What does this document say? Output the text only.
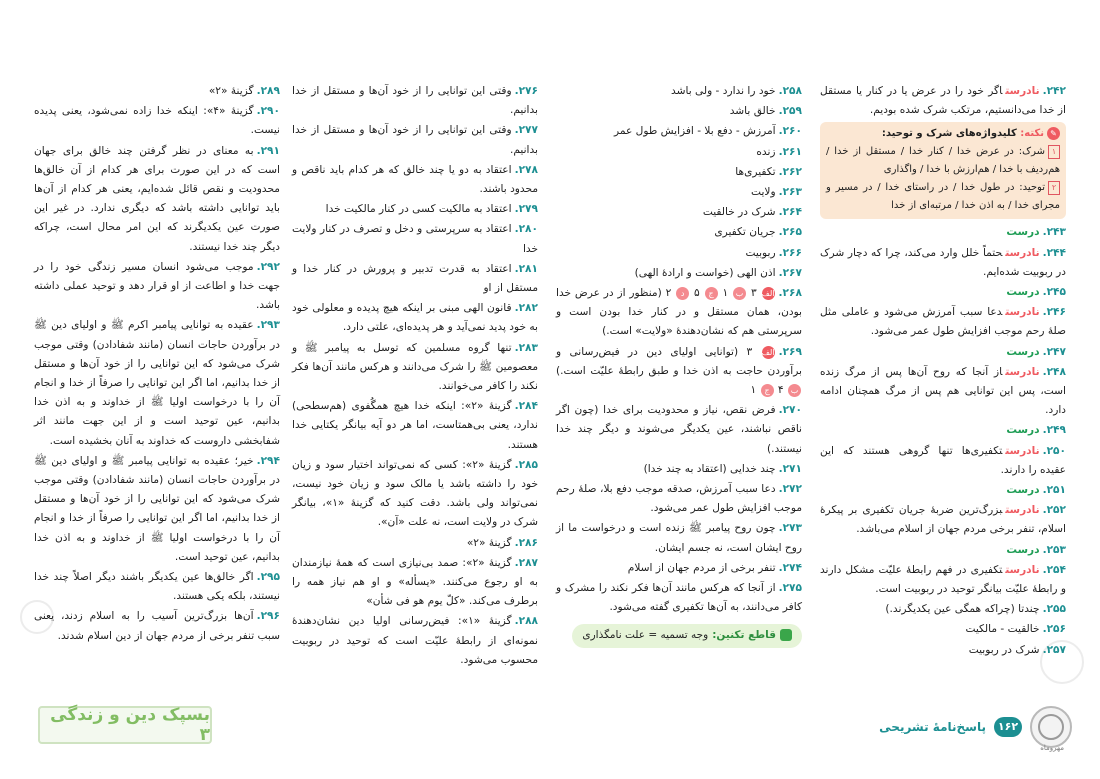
۲۴۲.نادرستاگر خود را در عرض یا در کنار یا مستقل از خدا می‌دانستیم، مرتکب شرک شده بودیم.

✎نکته: کلیدواژه‌های شرک و توحید:
۱شرک: در عرض خدا / کنار خدا / مستقل از خدا / هم‌ردیف با خدا / هم‌ارزش با خدا / واگذاری
۲توحید: در طول خدا / در راستای خدا / در مسیر و مجرای خدا / به اذن خدا / مرتبه‌ای از خدا

۲۴۳.درست

۲۴۴.نادرستحتماً خلل وارد می‌کند، چرا که دچار شرک در ربوبیت شده‌ایم.

۲۴۵.درست

۲۴۶.نادرستدعا سبب آمرزش می‌شود و عاملی مثل صلهٔ رحم موجب افزایش طول عمر می‌شود.

۲۴۷.درست

۲۴۸.نادرستاز آنجا که روح آن‌ها پس از مرگ زنده است، پس این توانایی هم پس از مرگ همچنان ادامه دارد.

۲۴۹.درست

۲۵۰.نادرستتکفیری‌ها تنها گروهی هستند که این عقیده را دارند.

۲۵۱.درست

۲۵۲.نادرستبزرگ‌ترین ضربهٔ جریان تکفیری بر پیکرهٔ اسلام، تنفر برخی مردم جهان از اسلام می‌باشد.

۲۵۳.درست

۲۵۴.نادرستتکفیری در فهم رابطهٔ علیّت مشکل دارند و رابطهٔ علیّت بیانگر توحید در ربوبیت است.

۲۵۵.چندتا (چراکه همگی عین یکدیگرند.)

۲۵۶.خالقیت - مالکیت

۲۵۷.شرک در ربوبیت

۲۵۸.خود را ندارد - ولی باشد

۲۵۹.خالق باشد

۲۶۰.آمرزش - دفع بلا - افزایش طول عمر

۲۶۱.زنده

۲۶۲.تکفیری‌ها

۲۶۳.ولایت

۲۶۴.شرک در خالقیت

۲۶۵.جریان تکفیری

۲۶۶.ربوبیت

۲۶۷.اذن الهی (خواست و ارادهٔ الهی)

۲۶۸.الف ۳ ب ۱ ج ۵ د ۲ (منظور از در عرض خدا بودن، همان مستقل و در کنار خدا بودن است و سرپرستی هم که نشان‌دهندهٔ «ولایت» است.)

۲۶۹.الف ۳ (توانایی اولیای دین در فیض‌رسانی و برآوردن حاجت به اذن خدا و طبق رابطهٔ علیّت است.) ب ۴ ج ۱

۲۷۰.فرض نقص، نیاز و محدودیت برای خدا (چون اگر ناقص نباشند، عین یکدیگر می‌شوند و دیگر چند خدا نیستند.)

۲۷۱.چند خدایی (اعتقاد به چند خدا)

۲۷۲.دعا سبب آمرزش، صدقه موجب دفع بلا، صلهٔ رحم موجب افزایش طول عمر می‌شود.

۲۷۳.چون روح پیامبر ﷺ زنده است و درخواست ما از روح ایشان است، نه جسم ایشان.

۲۷۴.تنفر برخی از مردم جهان از اسلام

۲۷۵.از آنجا که هرکس مانند آن‌ها فکر نکند را مشرک و کافر می‌دانند، به آن‌ها تکفیری گفته می‌شود.

قاطع تکنین:وجه تسمیه = علت نامگذاری

۲۷۶.وقتی این توانایی را از خود آن‌ها و مستقل از خدا بدانیم.

۲۷۷.وقتی این توانایی را از خود آن‌ها و مستقل از خدا بدانیم.

۲۷۸.اعتقاد به دو یا چند خالق که هر کدام باید ناقص و محدود باشند.

۲۷۹.اعتقاد به مالکیت کسی در کنار مالکیت خدا

۲۸۰.اعتقاد به سرپرستی و دخل و تصرف در کنار ولایت خدا

۲۸۱.اعتقاد به قدرت تدبیر و پرورش در کنار خدا و مستقل از او

۲۸۲.قانون الهی مبنی بر اینکه هیچ پدیده و معلولی خود به خود پدید نمی‌آید و هر پدیده‌ای، علتی دارد.

۲۸۳.تنها گروه مسلمین که توسل به پیامبر ﷺ و معصومین ﷺ را شرک می‌دانند و هرکس مانند آن‌ها فکر نکند را کافر می‌خوانند.

۲۸۴.گزینهٔ «۲»: اینکه خدا هیچ همگُفوی (هم‌سطحی) ندارد، یعنی بی‌همتاست، اما هر دو آیه بیانگر یکتایی خدا هستند.

۲۸۵.گزینهٔ «۲»: کسی که نمی‌تواند اختیار سود و زیان خود را داشته باشد یا مالک سود و زیان خود نیست، نمی‌تواند ولی باشد. دقت کنید که گزینهٔ «۱»، بیانگر شرک در ولایت است، نه علت «آن».

۲۸۶.گزینهٔ «۲»

۲۸۷.گزینهٔ «۲»: صمد بی‌نیازی است که همهٔ نیازمندان به او رجوع می‌کنند. «یسأله» و او هم نیاز همه را برطرف می‌کند. «کلّ یوم هو فی شأن»

۲۸۸.گزینهٔ «۱»: فیض‌رسانی اولیا دین نشان‌دهندهٔ نمونه‌ای از رابطهٔ علیّت است که توحید در ربوبیت محسوب می‌شود.

۲۸۹.گزینهٔ «۲»

۲۹۰.گزینهٔ «۴»: اینکه خدا زاده نمی‌شود، یعنی پدیده نیست.

۲۹۱.به معنای در نظر گرفتن چند خالق برای جهان است که در این صورت برای هر کدام از آن خالق‌ها محدودیت و نقص قائل شده‌ایم، یعنی هر کدام از آن‌ها باید توانایی داشته باشد که دیگری ندارد. در غیر این صورت عین یکدیگرند که این امر محال است، چراکه دیگر چند خدا نیستند.

۲۹۲.موجب می‌شود انسان مسیر زندگی خود را در جهت خدا و اطاعت از او قرار دهد و توحید عملی داشته باشد.

۲۹۳.عقیده به توانایی پیامبر اکرم ﷺ و اولیای دین ﷺ در برآوردن حاجات انسان (مانند شفادادن) وقتی موجب شرک می‌شود که این توانایی را از خود آن‌ها و مستقل از خدا بدانیم، اما اگر این توانایی را صرفاً از خدا و انجام آن را با درخواست اولیا ﷺ از خداوند و به اذن خدا بدانیم، عین توحید است و از این جهت مانند اثر شفابخشی داروست که خداوند به آنان بخشیده است.

۲۹۴.خیر؛ عقیده به توانایی پیامبر ﷺ و اولیای دین ﷺ در برآوردن حاجات انسان (مانند شفادادن) وقتی موجب شرک می‌شود که این توانایی را از خود آن‌ها و مستقل از خدا بدانیم، اما اگر این توانایی را صرفاً از خدا و انجام آن را با درخواست اولیا ﷺ از خداوند و به اذن خدا بدانیم، عین توحید است.

۲۹۵.اگر خالق‌ها عین یکدیگر باشند دیگر اصلاً چند خدا نیستند، بلکه یکی هستند.

۲۹۶.آن‌ها بزرگ‌ترین آسیب را به اسلام زدند، یعنی سبب تنفر برخی از مردم جهان از دین اسلام شدند.

۱۶۲
پاسخ‌نامهٔ تشریحی
مهروماه
بسپک دین و زندگی ۳
